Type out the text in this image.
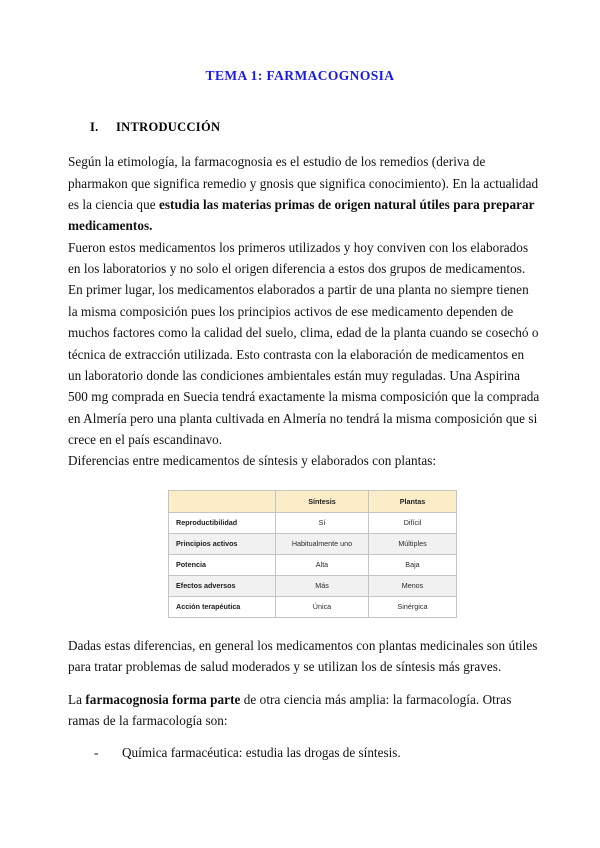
TEMA 1: FARMACOGNOSIA
I. INTRODUCCIÓN

Según la etimología, la farmacognosia es el estudio de los remedios (deriva de pharmakon que significa remedio y gnosis que significa conocimiento). En la actualidad es la ciencia que estudia las materias primas de origen natural útiles para preparar medicamentos.

Fueron estos medicamentos los primeros utilizados y hoy conviven con los elaborados en los laboratorios y no solo el origen diferencia a estos dos grupos de medicamentos.

En primer lugar, los medicamentos elaborados a partir de una planta no siempre tienen la misma composición pues los principios activos de ese medicamento dependen de muchos factores como la calidad del suelo, clima, edad de la planta cuando se cosechó o técnica de extracción utilizada. Esto contrasta con la elaboración de medicamentos en un laboratorio donde las condiciones ambientales están muy reguladas. Una Aspirina 500 mg comprada en Suecia tendrá exactamente la misma composición que la comprada en Almería pero una planta cultivada en Almería no tendrá la misma composición que si crece en el país escandinavo.

Diferencias entre medicamentos de síntesis y elaborados con plantas:

	Síntesis	Plantas
Reproductibilidad	Sí	Difícil
Principios activos	Habitualmente uno	Múltiples
Potencia	Alta	Baja
Efectos adversos	Más	Menos
Acción terapéutica	Única	Sinérgica

Dadas estas diferencias, en general los medicamentos con plantas medicinales son útiles para tratar problemas de salud moderados y se utilizan los de síntesis más graves.

La farmacognosia forma parte de otra ciencia más amplia: la farmacología. Otras ramas de la farmacología son:

- Química farmacéutica: estudia las drogas de síntesis.
